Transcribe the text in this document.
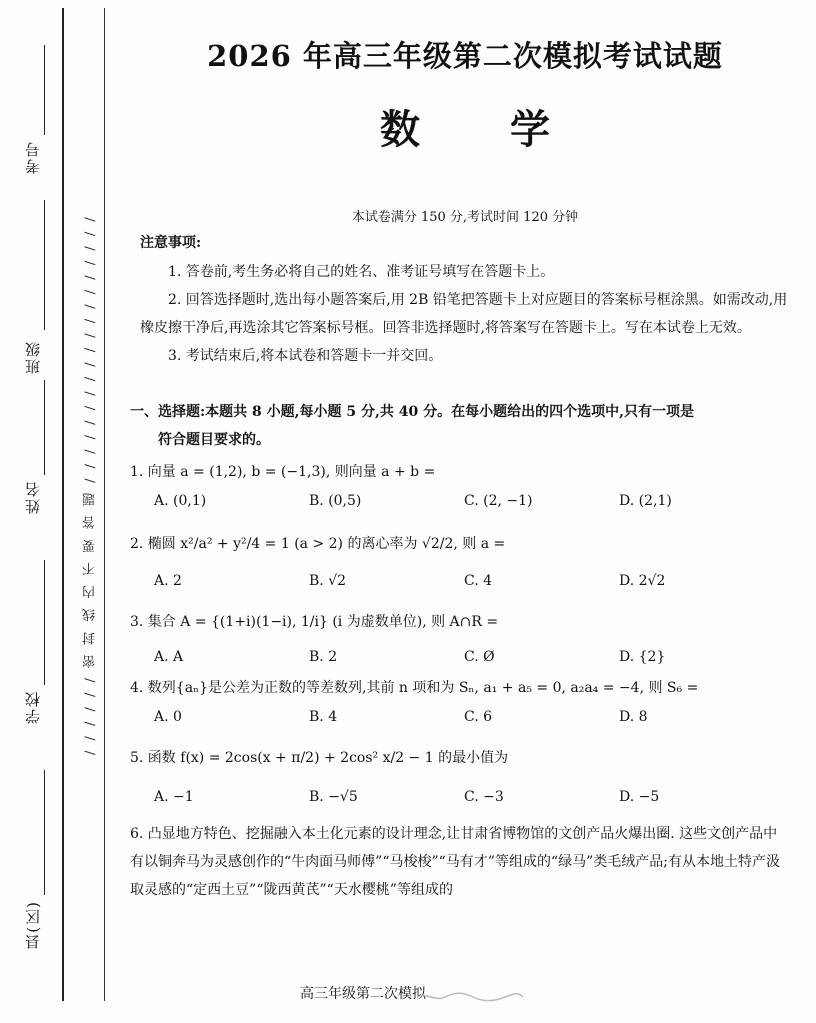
考号
班级
姓名
学校
县(区)
/ / / / / / 密 封 线 内 不 要 答 题 / / / / / / / / / / / / / / / / / / /
2026 年高三年级第二次模拟考试试题
数 学
本试卷满分 150 分,考试时间 120 分钟
注意事项:

1. 答卷前,考生务必将自己的姓名、准考证号填写在答题卡上。

2. 回答选择题时,选出每小题答案后,用 2B 铅笔把答题卡上对应题目的答案标号框涂黑。如需改动,用橡皮擦干净后,再选涂其它答案标号框。回答非选择题时,将答案写在答题卡上。写在本试卷上无效。

3. 考试结束后,将本试卷和答题卡一并交回。

一、选择题:本题共 8 小题,每小题 5 分,共 40 分。在每小题给出的四个选项中,只有一项是
符合题目要求的。
1. 向量 a = (1,2), b = (−1,3), 则向量 a + b =
A. (0,1)	B. (0,5)	C. (2, −1)	D. (2,1)
2. 椭圆 x²/a² + y²/4 = 1 (a > 2) 的离心率为 √2/2, 则 a =
A. 2	B. √2	C. 4	D. 2√2
3. 集合 A = {(1+i)(1−i), 1/i} (i 为虚数单位), 则 A∩R =
A. A	B. 2	C. Ø	D. {2}
4. 数列{aₙ}是公差为正数的等差数列,其前 n 项和为 Sₙ, a₁ + a₅ = 0, a₂a₄ = −4, 则 S₆ =
A. 0	B. 4	C. 6	D. 8
5. 函数 f(x) = 2cos(x + π/2) + 2cos² x/2 − 1 的最小值为
A. −1	B. −√5	C. −3	D. −5

6. 凸显地方特色、挖掘融入本土化元素的设计理念,让甘肃省博物馆的文创产品火爆出圈. 这些文创产品中有以铜奔马为灵感创作的“牛肉面马师傅”“马梭梭”“马有才”等组成的“绿马”类毛绒产品;有从本地土特产汲取灵感的“定西土豆”“陇西黄芪”“天水樱桃”等组成的

高三年级第二次模拟
